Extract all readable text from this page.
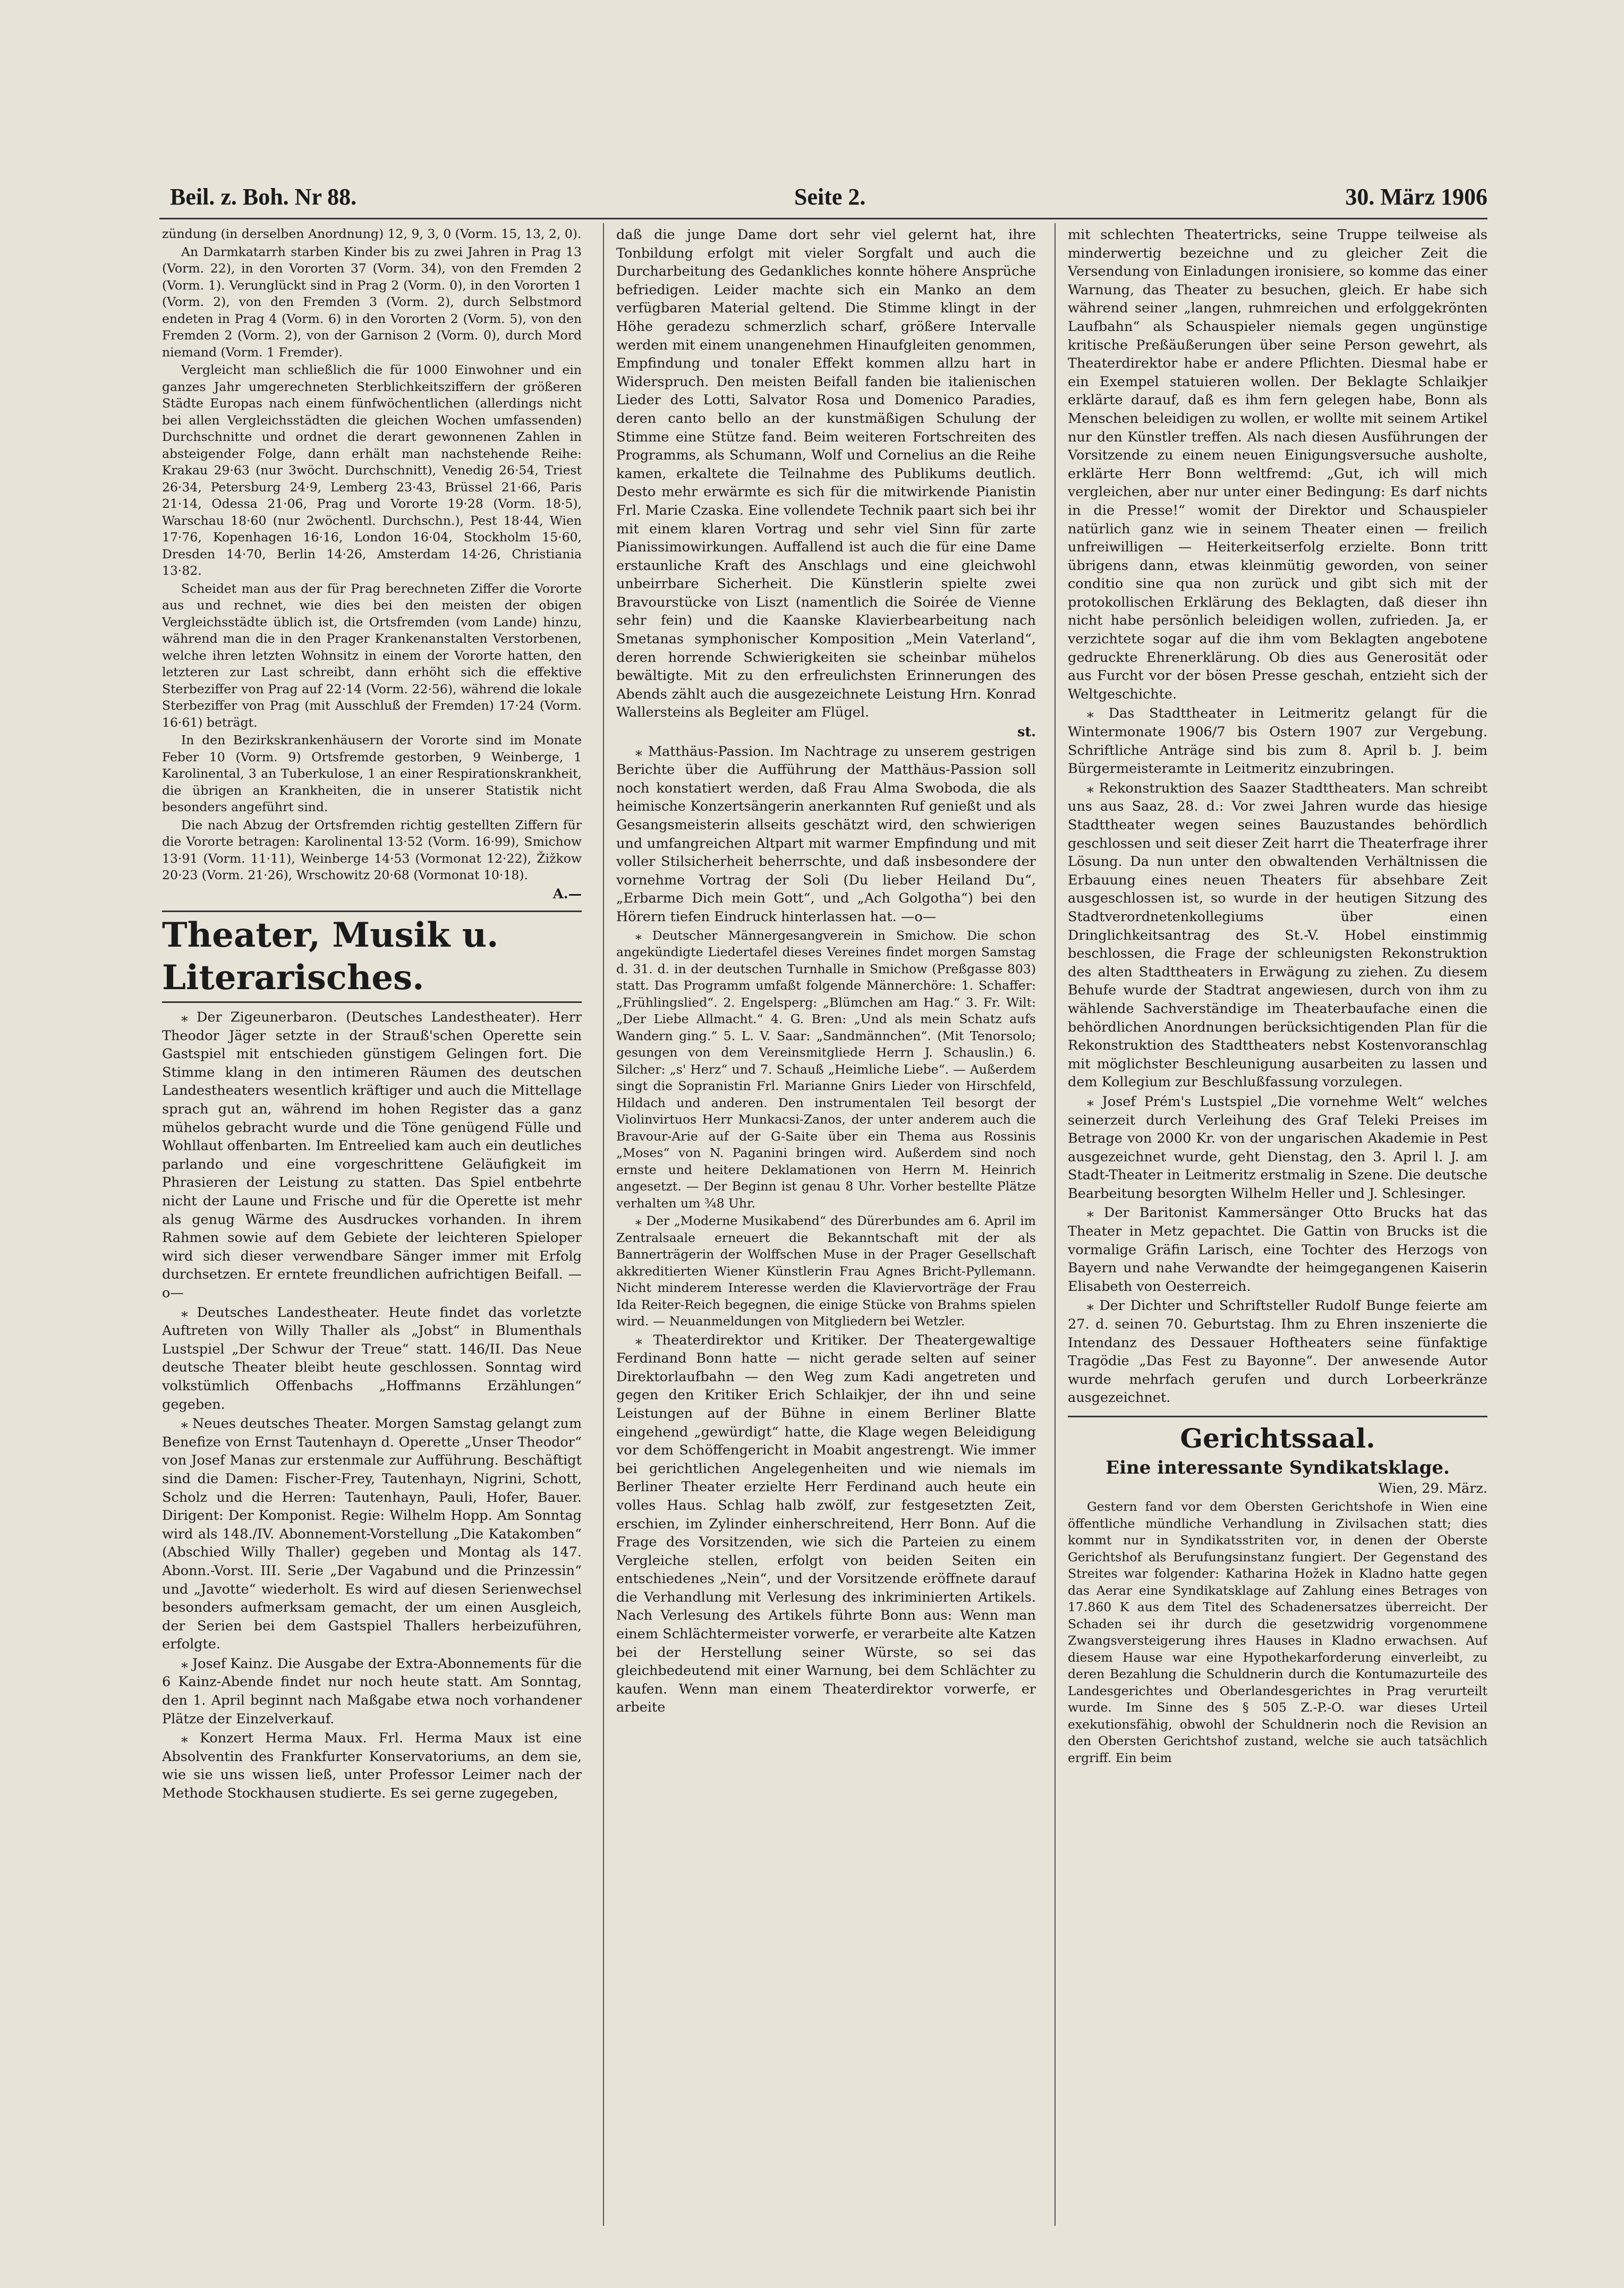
Beil. z. Boh. Nr 88.	Seite 2.	30. März 1906

zündung (in derselben Anordnung) 12, 9, 3, 0 (Vorm. 15, 13, 2, 0).

An Darmkatarrh starben Kinder bis zu zwei Jahren in Prag 13 (Vorm. 22), in den Vororten 37 (Vorm. 34), von den Fremden 2 (Vorm. 1). Verunglückt sind in Prag 2 (Vorm. 0), in den Vororten 1 (Vorm. 2), von den Fremden 3 (Vorm. 2), durch Selbstmord endeten in Prag 4 (Vorm. 6) in den Vororten 2 (Vorm. 5), von den Fremden 2 (Vorm. 2), von der Garnison 2 (Vorm. 0), durch Mord niemand (Vorm. 1 Fremder).

Vergleicht man schließlich die für 1000 Einwohner und ein ganzes Jahr umgerechneten Sterblichkeitsziffern der größeren Städte Europas nach einem fünfwöchentlichen (allerdings nicht bei allen Vergleichsstädten die gleichen Wochen umfassenden) Durchschnitte und ordnet die derart gewonnenen Zahlen in absteigender Folge, dann erhält man nachstehende Reihe: Krakau 29·63 (nur 3wöcht. Durchschnitt), Venedig 26·54, Triest 26·34, Petersburg 24·9, Lemberg 23·43, Brüssel 21·66, Paris 21·14, Odessa 21·06, Prag und Vororte 19·28 (Vorm. 18·5), Warschau 18·60 (nur 2wöchentl. Durchschn.), Pest 18·44, Wien 17·76, Kopenhagen 16·16, London 16·04, Stockholm 15·60, Dresden 14·70, Berlin 14·26, Amsterdam 14·26, Christiania 13·82.

Scheidet man aus der für Prag berechneten Ziffer die Vororte aus und rechnet, wie dies bei den meisten der obigen Vergleichsstädte üblich ist, die Ortsfremden (vom Lande) hinzu, während man die in den Prager Krankenanstalten Verstorbenen, welche ihren letzten Wohnsitz in einem der Vororte hatten, den letzteren zur Last schreibt, dann erhöht sich die effektive Sterbeziffer von Prag auf 22·14 (Vorm. 22·56), während die lokale Sterbeziffer von Prag (mit Ausschluß der Fremden) 17·24 (Vorm. 16·61) beträgt.

In den Bezirkskrankenhäusern der Vororte sind im Monate Feber 10 (Vorm. 9) Ortsfremde gestorben, 9 Weinberge, 1 Karolinental, 3 an Tuberkulose, 1 an einer Respirationskrankheit, die übrigen an Krankheiten, die in unserer Statistik nicht besonders angeführt sind.

Die nach Abzug der Ortsfremden richtig gestellten Ziffern für die Vororte betragen: Karolinental 13·52 (Vorm. 16·99), Smichow 13·91 (Vorm. 11·11), Weinberge 14·53 (Vormonat 12·22), Žižkow 20·23 (Vorm. 21·26), Wrschowitz 20·68 (Vormonat 10·18).

A.—

Theater, Musik u. Literarisches.

⁎ Der Zigeunerbaron. (Deutsches Landestheater). Herr Theodor Jäger setzte in der Strauß'schen Operette sein Gastspiel mit entschieden günstigem Gelingen fort. Die Stimme klang in den intimeren Räumen des deutschen Landestheaters wesentlich kräftiger und auch die Mittellage sprach gut an, während im hohen Register das a ganz mühelos gebracht wurde und die Töne genügend Fülle und Wohllaut offenbarten. Im Entreelied kam auch ein deutliches parlando und eine vorgeschrittene Geläufigkeit im Phrasieren der Leistung zu statten. Das Spiel entbehrte nicht der Laune und Frische und für die Operette ist mehr als genug Wärme des Ausdruckes vorhanden. In ihrem Rahmen sowie auf dem Gebiete der leichteren Spieloper wird sich dieser verwendbare Sänger immer mit Erfolg durchsetzen. Er erntete freundlichen aufrichtigen Beifall. —o—

⁎ Deutsches Landestheater. Heute findet das vorletzte Auftreten von Willy Thaller als „Jobst“ in Blumenthals Lustspiel „Der Schwur der Treue“ statt. 146/II. Das Neue deutsche Theater bleibt heute geschlossen. Sonntag wird volkstümlich Offenbachs „Hoffmanns Erzählungen“ gegeben.

⁎ Neues deutsches Theater. Morgen Samstag gelangt zum Benefize von Ernst Tautenhayn d. Operette „Unser Theodor“ von Josef Manas zur erstenmale zur Aufführung. Beschäftigt sind die Damen: Fischer-Frey, Tautenhayn, Nigrini, Schott, Scholz und die Herren: Tautenhayn, Pauli, Hofer, Bauer. Dirigent: Der Komponist. Regie: Wilhelm Hopp. Am Sonntag wird als 148./IV. Abonnement-Vorstellung „Die Katakomben“ (Abschied Willy Thaller) gegeben und Montag als 147. Abonn.-Vorst. III. Serie „Der Vagabund und die Prinzessin“ und „Javotte“ wiederholt. Es wird auf diesen Serienwechsel besonders aufmerksam gemacht, der um einen Ausgleich, der Serien bei dem Gastspiel Thallers herbeizuführen, erfolgte.

⁎ Josef Kainz. Die Ausgabe der Extra-Abonnements für die 6 Kainz-Abende findet nur noch heute statt. Am Sonntag, den 1. April beginnt nach Maßgabe etwa noch vorhandener Plätze der Einzelverkauf.

⁎ Konzert Herma Maux. Frl. Herma Maux ist eine Absolventin des Frankfurter Konservatoriums, an dem sie, wie sie uns wissen ließ, unter Professor Leimer nach der Methode Stockhausen studierte. Es sei gerne zugegeben,

daß die junge Dame dort sehr viel gelernt hat, ihre Tonbildung erfolgt mit vieler Sorgfalt und auch die Durcharbeitung des Gedankliches konnte höhere Ansprüche befriedigen. Leider machte sich ein Manko an dem verfügbaren Material geltend. Die Stimme klingt in der Höhe geradezu schmerzlich scharf, größere Intervalle werden mit einem unangenehmen Hinaufgleiten genommen, Empfindung und tonaler Effekt kommen allzu hart in Widerspruch. Den meisten Beifall fanden bie italienischen Lieder des Lotti, Salvator Rosa und Domenico Paradies, deren canto bello an der kunstmäßigen Schulung der Stimme eine Stütze fand. Beim weiteren Fortschreiten des Programms, als Schumann, Wolf und Cornelius an die Reihe kamen, erkaltete die Teilnahme des Publikums deutlich. Desto mehr erwärmte es sich für die mitwirkende Pianistin Frl. Marie Czaska. Eine vollendete Technik paart sich bei ihr mit einem klaren Vortrag und sehr viel Sinn für zarte Pianissimowirkungen. Auffallend ist auch die für eine Dame erstaunliche Kraft des Anschlags und eine gleichwohl unbeirrbare Sicherheit. Die Künstlerin spielte zwei Bravourstücke von Liszt (namentlich die Soirée de Vienne sehr fein) und die Kaanske Klavierbearbeitung nach Smetanas symphonischer Komposition „Mein Vaterland“, deren horrende Schwierigkeiten sie scheinbar mühelos bewältigte. Mit zu den erfreulichsten Erinnerungen des Abends zählt auch die ausgezeichnete Leistung Hrn. Konrad Wallersteins als Begleiter am Flügel.

st.

⁎ Matthäus-Passion. Im Nachtrage zu unserem gestrigen Berichte über die Aufführung der Matthäus-Passion soll noch konstatiert werden, daß Frau Alma Swoboda, die als heimische Konzertsängerin anerkannten Ruf genießt und als Gesangsmeisterin allseits geschätzt wird, den schwierigen und umfangreichen Altpart mit warmer Empfindung und mit voller Stilsicherheit beherrschte, und daß insbesondere der vornehme Vortrag der Soli (Du lieber Heiland Du“, „Erbarme Dich mein Gott“, und „Ach Golgotha“) bei den Hörern tiefen Eindruck hinterlassen hat. —o—

⁎ Deutscher Männergesangverein in Smichow. Die schon angekündigte Liedertafel dieses Vereines findet morgen Samstag d. 31. d. in der deutschen Turnhalle in Smichow (Preßgasse 803) statt. Das Programm umfaßt folgende Männerchöre: 1. Schaffer: „Frühlingslied“. 2. Engelsperg: „Blümchen am Hag.“ 3. Fr. Wilt: „Der Liebe Allmacht.“ 4. G. Bren: „Und als mein Schatz aufs Wandern ging.“ 5. L. V. Saar: „Sandmännchen“. (Mit Tenorsolo; gesungen von dem Vereinsmitgliede Herrn J. Schauslin.) 6. Silcher: „s' Herz“ und 7. Schauß „Heimliche Liebe“. — Außerdem singt die Sopranistin Frl. Marianne Gnirs Lieder von Hirschfeld, Hildach und anderen. Den instrumentalen Teil besorgt der Violinvirtuos Herr Munkacsi-Zanos, der unter anderem auch die Bravour-Arie auf der G-Saite über ein Thema aus Rossinis „Moses“ von N. Paganini bringen wird. Außerdem sind noch ernste und heitere Deklamationen von Herrn M. Heinrich angesetzt. — Der Beginn ist genau 8 Uhr. Vorher bestellte Plätze verhalten um ¾8 Uhr.

⁎ Der „Moderne Musikabend“ des Dürerbundes am 6. April im Zentralsaale erneuert die Bekanntschaft mit der als Bannerträgerin der Wolffschen Muse in der Prager Gesellschaft akkreditierten Wiener Künstlerin Frau Agnes Bricht-Pyllemann. Nicht minderem Interesse werden die Klaviervorträge der Frau Ida Reiter-Reich begegnen, die einige Stücke von Brahms spielen wird. — Neuanmeldungen von Mitgliedern bei Wetzler.

⁎ Theaterdirektor und Kritiker. Der Theatergewaltige Ferdinand Bonn hatte — nicht gerade selten auf seiner Direktorlaufbahn — den Weg zum Kadi angetreten und gegen den Kritiker Erich Schlaikjer, der ihn und seine Leistungen auf der Bühne in einem Berliner Blatte eingehend „gewürdigt“ hatte, die Klage wegen Beleidigung vor dem Schöffengericht in Moabit angestrengt. Wie immer bei gerichtlichen Angelegenheiten und wie niemals im Berliner Theater erzielte Herr Ferdinand auch heute ein volles Haus. Schlag halb zwölf, zur festgesetzten Zeit, erschien, im Zylinder einherschreitend, Herr Bonn. Auf die Frage des Vorsitzenden, wie sich die Parteien zu einem Vergleiche stellen, erfolgt von beiden Seiten ein entschiedenes „Nein“, und der Vorsitzende eröffnete darauf die Verhandlung mit Verlesung des inkriminierten Artikels. Nach Verlesung des Artikels führte Bonn aus: Wenn man einem Schlächtermeister vorwerfe, er verarbeite alte Katzen bei der Herstellung seiner Würste, so sei das gleichbedeutend mit einer Warnung, bei dem Schlächter zu kaufen. Wenn man einem Theaterdirektor vorwerfe, er arbeite

mit schlechten Theatertricks, seine Truppe teilweise als minderwertig bezeichne und zu gleicher Zeit die Versendung von Einladungen ironisiere, so komme das einer Warnung, das Theater zu besuchen, gleich. Er habe sich während seiner „langen, ruhmreichen und erfolggekrönten Laufbahn“ als Schauspieler niemals gegen ungünstige kritische Preßäußerungen über seine Person gewehrt, als Theaterdirektor habe er andere Pflichten. Diesmal habe er ein Exempel statuieren wollen. Der Beklagte Schlaikjer erklärte darauf, daß es ihm fern gelegen habe, Bonn als Menschen beleidigen zu wollen, er wollte mit seinem Artikel nur den Künstler treffen. Als nach diesen Ausführungen der Vorsitzende zu einem neuen Einigungsversuche ausholte, erklärte Herr Bonn weltfremd: „Gut, ich will mich vergleichen, aber nur unter einer Bedingung: Es darf nichts in die Presse!“ womit der Direktor und Schauspieler natürlich ganz wie in seinem Theater einen — freilich unfreiwilligen — Heiterkeitserfolg erzielte. Bonn tritt übrigens dann, etwas kleinmütig geworden, von seiner conditio sine qua non zurück und gibt sich mit der protokollischen Erklärung des Beklagten, daß dieser ihn nicht habe persönlich beleidigen wollen, zufrieden. Ja, er verzichtete sogar auf die ihm vom Beklagten angebotene gedruckte Ehrenerklärung. Ob dies aus Generosität oder aus Furcht vor der bösen Presse geschah, entzieht sich der Weltgeschichte.

⁎ Das Stadttheater in Leitmeritz gelangt für die Wintermonate 1906/7 bis Ostern 1907 zur Vergebung. Schriftliche Anträge sind bis zum 8. April b. J. beim Bürgermeisteramte in Leitmeritz einzubringen.

⁎ Rekonstruktion des Saazer Stadttheaters. Man schreibt uns aus Saaz, 28. d.: Vor zwei Jahren wurde das hiesige Stadttheater wegen seines Bauzustandes behördlich geschlossen und seit dieser Zeit harrt die Theaterfrage ihrer Lösung. Da nun unter den obwaltenden Verhältnissen die Erbauung eines neuen Theaters für absehbare Zeit ausgeschlossen ist, so wurde in der heutigen Sitzung des Stadtverordnetenkollegiums über einen Dringlichkeitsantrag des St.-V. Hobel einstimmig beschlossen, die Frage der schleunigsten Rekonstruktion des alten Stadttheaters in Erwägung zu ziehen. Zu diesem Behufe wurde der Stadtrat angewiesen, durch von ihm zu wählende Sachverständige im Theaterbaufache einen die behördlichen Anordnungen berücksichtigenden Plan für die Rekonstruktion des Stadttheaters nebst Kostenvoranschlag mit möglichster Beschleunigung ausarbeiten zu lassen und dem Kollegium zur Beschlußfassung vorzulegen.

⁎ Josef Prém's Lustspiel „Die vornehme Welt“ welches seinerzeit durch Verleihung des Graf Teleki Preises im Betrage von 2000 Kr. von der ungarischen Akademie in Pest ausgezeichnet wurde, geht Dienstag, den 3. April l. J. am Stadt-Theater in Leitmeritz erstmalig in Szene. Die deutsche Bearbeitung besorgten Wilhelm Heller und J. Schlesinger.

⁎ Der Baritonist Kammersänger Otto Brucks hat das Theater in Metz gepachtet. Die Gattin von Brucks ist die vormalige Gräfin Larisch, eine Tochter des Herzogs von Bayern und nahe Verwandte der heimgegangenen Kaiserin Elisabeth von Oesterreich.

⁎ Der Dichter und Schriftsteller Rudolf Bunge feierte am 27. d. seinen 70. Geburtstag. Ihm zu Ehren inszenierte die Intendanz des Dessauer Hoftheaters seine fünfaktige Tragödie „Das Fest zu Bayonne“. Der anwesende Autor wurde mehrfach gerufen und durch Lorbeerkränze ausgezeichnet.

Gerichtssaal.

Eine interessante Syndikatsklage.

Wien, 29. März.

Gestern fand vor dem Obersten Gerichtshofe in Wien eine öffentliche mündliche Verhandlung in Zivilsachen statt; dies kommt nur in Syndikatsstriten vor, in denen der Oberste Gerichtshof als Berufungsinstanz fungiert. Der Gegenstand des Streites war folgender: Katharina Hožek in Kladno hatte gegen das Aerar eine Syndikatsklage auf Zahlung eines Betrages von 17.860 K aus dem Titel des Schadenersatzes überreicht. Der Schaden sei ihr durch die gesetzwidrig vorgenommene Zwangsversteigerung ihres Hauses in Kladno erwachsen. Auf diesem Hause war eine Hypothekarforderung einverleibt, zu deren Bezahlung die Schuldnerin durch die Kontumazurteile des Landesgerichtes und Oberlandesgerichtes in Prag verurteilt wurde. Im Sinne des § 505 Z.-P.-O. war dieses Urteil exekutionsfähig, obwohl der Schuldnerin noch die Revision an den Obersten Gerichtshof zustand, welche sie auch tatsächlich ergriff. Ein beim
